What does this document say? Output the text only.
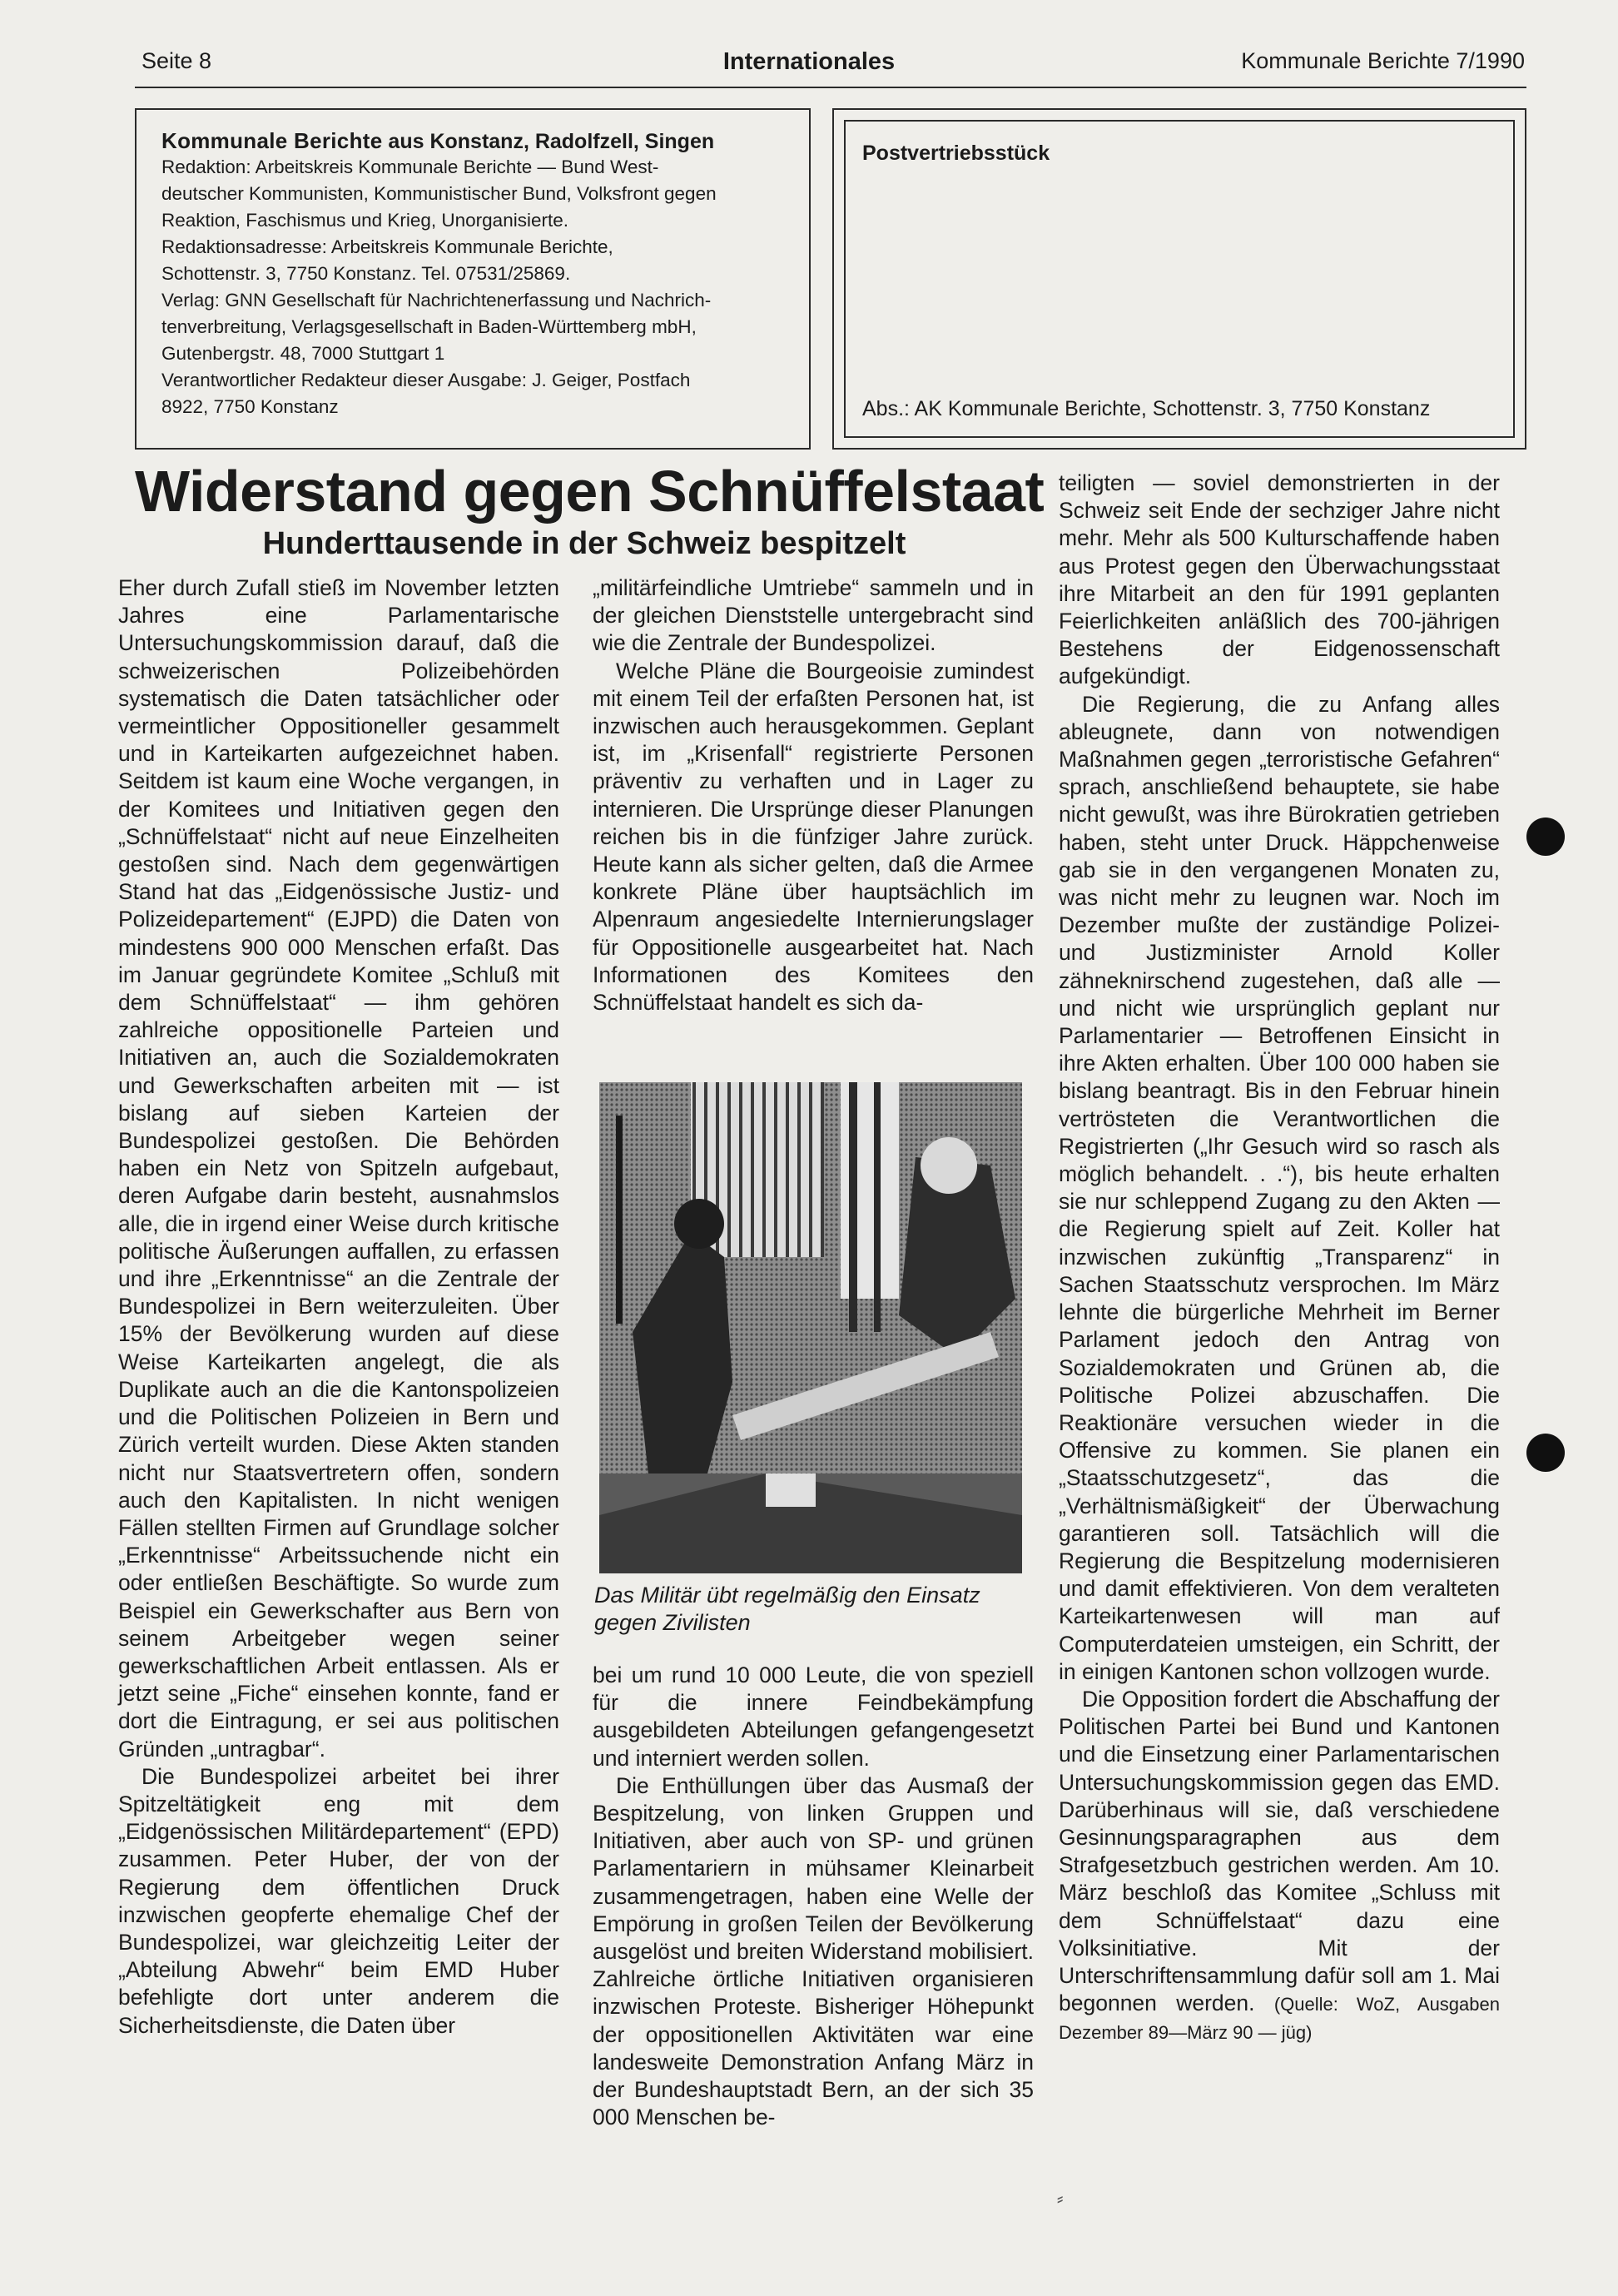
Seite 8	Internationales	Kommunale Berichte 7/1990
Kommunale Berichte aus Konstanz, Radolfzell, Singen
Redaktion: Arbeitskreis Kommunale Berichte — Bund West-
deutscher Kommunisten, Kommunistischer Bund, Volksfront gegen
Reaktion, Faschismus und Krieg, Unorganisierte.
Redaktionsadresse: Arbeitskreis Kommunale Berichte,
Schottenstr. 3, 7750 Konstanz. Tel. 07531/25869.
Verlag: GNN Gesellschaft für Nachrichtenerfassung und Nachrich-
tenverbreitung, Verlagsgesellschaft in Baden-Württemberg mbH,
Gutenbergstr. 48, 7000 Stuttgart 1
Verantwortlicher Redakteur dieser Ausgabe: J. Geiger, Postfach
8922, 7750 Konstanz
Postvertriebsstück
Abs.: AK Kommunale Berichte, Schottenstr. 3, 7750 Konstanz
Widerstand gegen Schnüffelstaat
Hunderttausende in der Schweiz bespitzelt

Eher durch Zufall stieß im November letzten Jahres eine Parlamentarische Untersuchungskommission darauf, daß die schweizerischen Polizeibehörden systematisch die Daten tatsächlicher oder vermeintlicher Oppositioneller gesammelt und in Karteikarten aufgezeichnet haben. Seitdem ist kaum eine Woche vergangen, in der Komitees und Initiativen gegen den „Schnüffelstaat“ nicht auf neue Einzelheiten gestoßen sind. Nach dem gegenwärtigen Stand hat das „Eidgenössische Justiz- und Polizeidepartement“ (EJPD) die Daten von mindestens 900 000 Menschen erfaßt. Das im Januar gegründete Komitee „Schluß mit dem Schnüffelstaat“ — ihm gehören zahlreiche oppositionelle Parteien und Initiativen an, auch die Sozialdemokraten und Gewerkschaften arbeiten mit — ist bislang auf sieben Karteien der Bundespolizei gestoßen. Die Behörden haben ein Netz von Spitzeln aufgebaut, deren Aufgabe darin besteht, ausnahmslos alle, die in irgend einer Weise durch kritische politische Äußerungen auffallen, zu erfassen und ihre „Erkenntnisse“ an die Zentrale der Bundespolizei in Bern weiterzuleiten. Über 15% der Bevölkerung wurden auf diese Weise Karteikarten angelegt, die als Duplikate auch an die die Kantonspolizeien und die Politischen Polizeien in Bern und Zürich verteilt wurden. Diese Akten standen nicht nur Staatsvertretern offen, sondern auch den Kapitalisten. In nicht wenigen Fällen stellten Firmen auf Grundlage solcher „Erkenntnisse“ Arbeitssuchende nicht ein oder entließen Beschäftigte. So wurde zum Beispiel ein Gewerkschafter aus Bern von seinem Arbeitgeber wegen seiner gewerkschaftlichen Arbeit entlassen. Als er jetzt seine „Fiche“ einsehen konnte, fand er dort die Eintragung, er sei aus politischen Gründen „untragbar“.

Die Bundespolizei arbeitet bei ihrer Spitzeltätigkeit eng mit dem „Eidgenössischen Militärdepartement“ (EPD) zusammen. Peter Huber, der von der Regierung dem öffentlichen Druck inzwischen geopferte ehemalige Chef der Bundespolizei, war gleichzeitig Leiter der „Abteilung Abwehr“ beim EMD Huber befehligte dort unter anderem die Sicherheitsdienste, die Daten über

„militärfeindliche Umtriebe“ sammeln und in der gleichen Dienststelle untergebracht sind wie die Zentrale der Bundespolizei.

Welche Pläne die Bourgeoisie zumindest mit einem Teil der erfaßten Personen hat, ist inzwischen auch herausgekommen. Geplant ist, im „Krisenfall“ registrierte Personen präventiv zu verhaften und in Lager zu internieren. Die Ursprünge dieser Planungen reichen bis in die fünfziger Jahre zurück. Heute kann als sicher gelten, daß die Armee konkrete Pläne über hauptsächlich im Alpenraum angesiedelte Internierungslager für Oppositionelle ausgearbeitet hat. Nach Informationen des Komitees den Schnüffelstaat handelt es sich da-

Das Militär übt regelmäßig den Einsatz gegen Zivilisten

bei um rund 10 000 Leute, die von speziell für die innere Feindbekämpfung ausgebildeten Abteilungen gefangengesetzt und interniert werden sollen.

Die Enthüllungen über das Ausmaß der Bespitzelung, von linken Gruppen und Initiativen, aber auch von SP- und grünen Parlamentariern in mühsamer Kleinarbeit zusammengetragen, haben eine Welle der Empörung in großen Teilen der Bevölkerung ausgelöst und breiten Widerstand mobilisiert. Zahlreiche örtliche Initiativen organisieren inzwischen Proteste. Bisheriger Höhepunkt der oppositionellen Aktivitäten war eine landesweite Demonstration Anfang März in der Bundeshauptstadt Bern, an der sich 35 000 Menschen be-

teiligten — soviel demonstrierten in der Schweiz seit Ende der sechziger Jahre nicht mehr. Mehr als 500 Kulturschaffende haben aus Protest gegen den Überwachungsstaat ihre Mitarbeit an den für 1991 geplanten Feierlichkeiten anläßlich des 700-jährigen Bestehens der Eidgenossenschaft aufgekündigt.

Die Regierung, die zu Anfang alles ableugnete, dann von notwendigen Maßnahmen gegen „terroristische Gefahren“ sprach, anschließend behauptete, sie habe nicht gewußt, was ihre Bürokratien getrieben haben, steht unter Druck. Häppchenweise gab sie in den vergangenen Monaten zu, was nicht mehr zu leugnen war. Noch im Dezember mußte der zuständige Polizei- und Justizminister Arnold Koller zähneknirschend zugestehen, daß alle — und nicht wie ursprünglich geplant nur Parlamentarier — Betroffenen Einsicht in ihre Akten erhalten. Über 100 000 haben sie bislang beantragt. Bis in den Februar hinein vertrösteten die Verantwortlichen die Registrierten („Ihr Gesuch wird so rasch als möglich behandelt. . .“), bis heute erhalten sie nur schleppend Zugang zu den Akten — die Regierung spielt auf Zeit. Koller hat inzwischen zukünftig „Transparenz“ in Sachen Staatsschutz versprochen. Im März lehnte die bürgerliche Mehrheit im Berner Parlament jedoch den Antrag von Sozialdemokraten und Grünen ab, die Politische Polizei abzuschaffen. Die Reaktionäre versuchen wieder in die Offensive zu kommen. Sie planen ein „Staatsschutzgesetz“, das die „Verhältnismäßigkeit“ der Überwachung garantieren soll. Tatsächlich will die Regierung die Bespitzelung modernisieren und damit effektivieren. Von dem veralteten Karteikartenwesen will man auf Computerdateien umsteigen, ein Schritt, der in einigen Kantonen schon vollzogen wurde.

Die Opposition fordert die Abschaffung der Politischen Partei bei Bund und Kantonen und die Einsetzung einer Parlamentarischen Untersuchungskommission gegen das EMD. Darüberhinaus will sie, daß verschiedene Gesinnungsparagraphen aus dem Strafgesetzbuch gestrichen werden. Am 10. März beschloß das Komitee „Schluss mit dem Schnüffelstaat“ dazu eine Volksinitiative. Mit der Unterschriftensammlung dafür soll am 1. Mai begonnen werden. (Quelle: WoZ, Ausgaben Dezember 89—März 90 — jüg)

⸗
